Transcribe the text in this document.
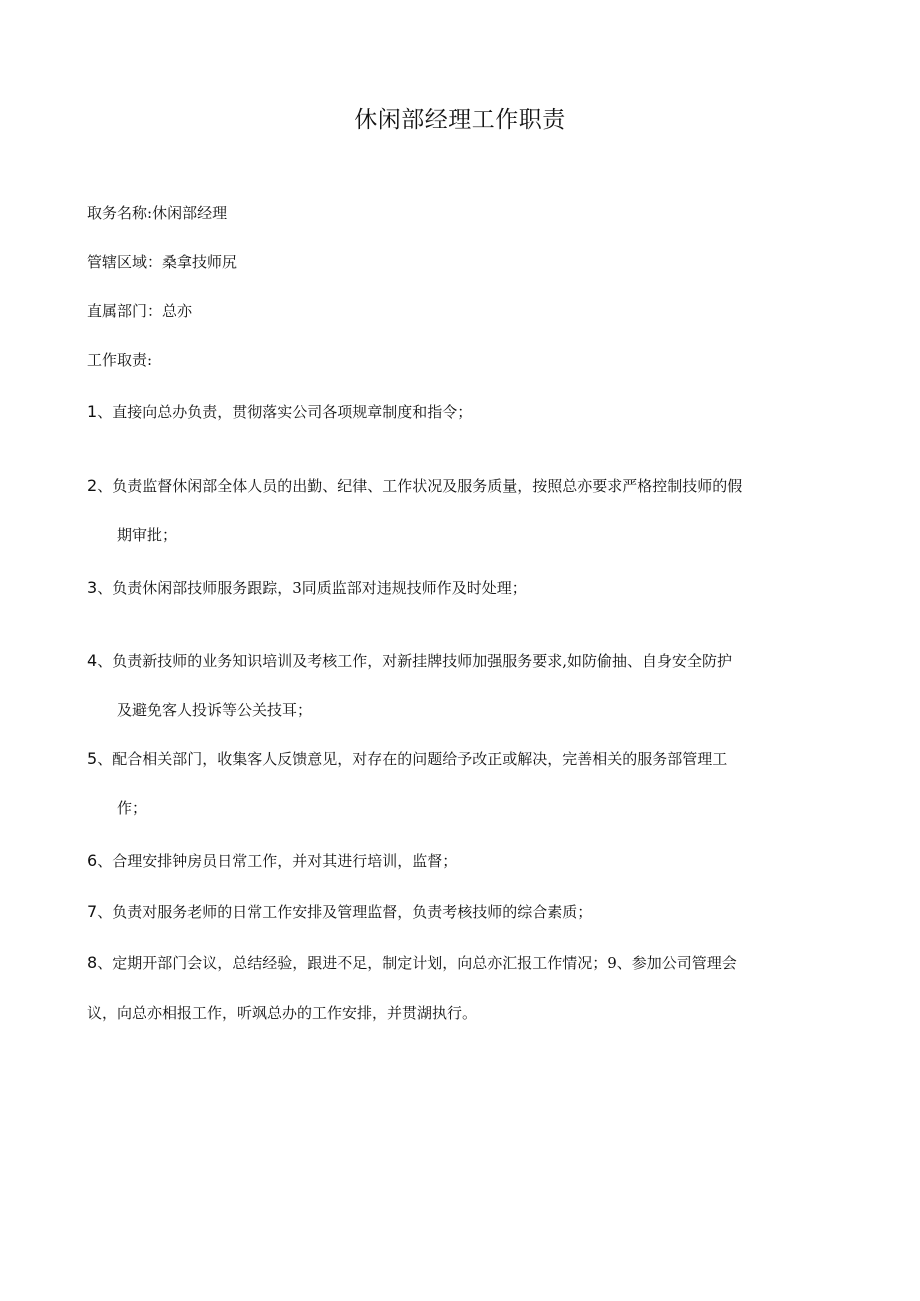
休闲部经理工作职责
取务名称:休闲部经理
管辖区域：桑拿技师尻
直属部门：总亦
工作取责:
1、直接向总办负责，贯彻落实公司各项规章制度和指令；
2、负责监督休闲部全体人员的出勤、纪律、工作状况及服务质量，按照总亦要求严格控制技师的假
期审批；
3、负责休闲部技师服务跟踪，3同质监部对违规技师作及时处理；
4、负责新技师的业务知识培训及考核工作，对新挂牌技师加强服务要求,如防偷抽、自身安全防护
及避免客人投诉等公关技耳；
5、配合相关部门，收集客人反馈意见，对存在的问题给予改正或解决，完善相关的服务部管理工
作；
6、合理安排钟房员日常工作，并对其进行培训，监督；
7、负责对服务老师的日常工作安排及管理监督，负责考核技师的综合素质；
8、定期开部门会议，总结经验，跟进不足，制定计划，向总亦汇报工作情况；9、参加公司管理会
议，向总亦相报工作，听飒总办的工作安排，并贯湖执行。
